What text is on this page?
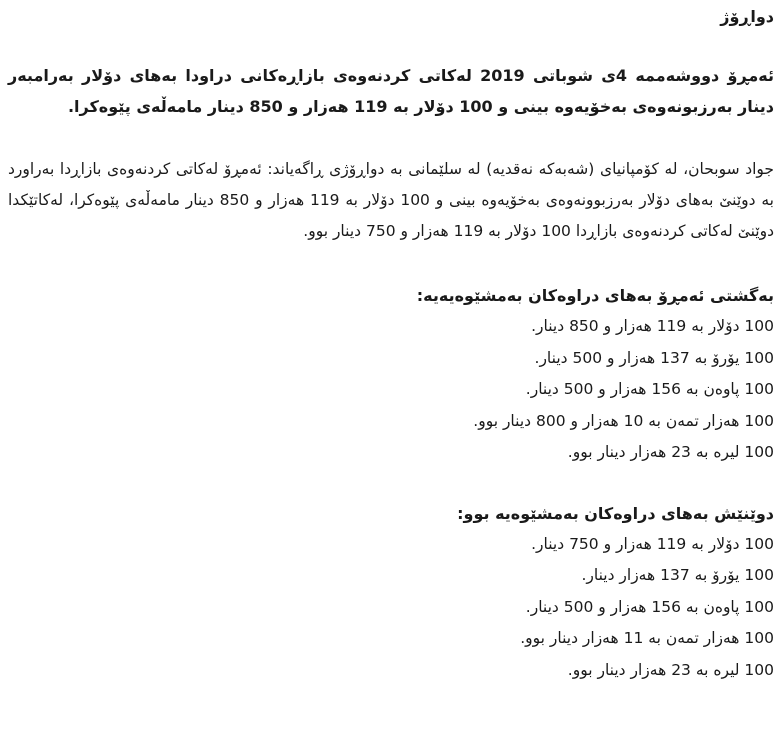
دواڕۆژ

ئەمڕۆ دووشەممە 4ی شوباتی 2019 لەکاتی کردنەوەی بازاڕەکانی دراودا بەهای دۆلار بەرامبەر دینار بەرزبونەوەی بەخۆیەوە بینی و 100 دۆلار بە 119 هەزار و 850 دینار مامەڵەی پێوەکرا.

جواد سوبحان، لە کۆمپانیای (شەبەکە نەقدیە) لە سلێمانی بە دواڕۆژی ڕاگەیاند: ئەمڕۆ لەکاتی کردنەوەی بازاڕدا بەراورد بە دوێنێ بەهای دۆلار بەرزبوونەوەی بەخۆیەوە بینی و 100 دۆلار بە 119 هەزار و 850 دینار مامەڵەی پێوەکرا، لەکاتێکدا دوێنێ لەکاتی کردنەوەی بازاڕدا 100 دۆلار بە 119 هەزار و 750 دینار بوو.

بەگشتی ئەمڕۆ بەهای دراوەکان بەمشێوەیەیە:
100 دۆلار بە 119 هەزار و 850 دینار.
100 یۆرۆ بە 137 هەزار و 500 دینار.
100 پاوەن بە 156 هەزار و 500 دینار.
100 هەزار تمەن بە 10 هەزار و 800 دینار بوو.
100 لیرە بە 23 هەزار دینار بوو.
دوێنێش بەهای دراوەکان بەمشێوەیە بوو:
100 دۆلار بە 119 هەزار و 750 دینار.
100 یۆرۆ بە 137 هەزار دینار.
100 پاوەن بە 156 هەزار و 500 دینار.
100 هەزار تمەن بە 11 هەزار دینار بوو.
100 لیرە بە 23 هەزار دینار بوو.
